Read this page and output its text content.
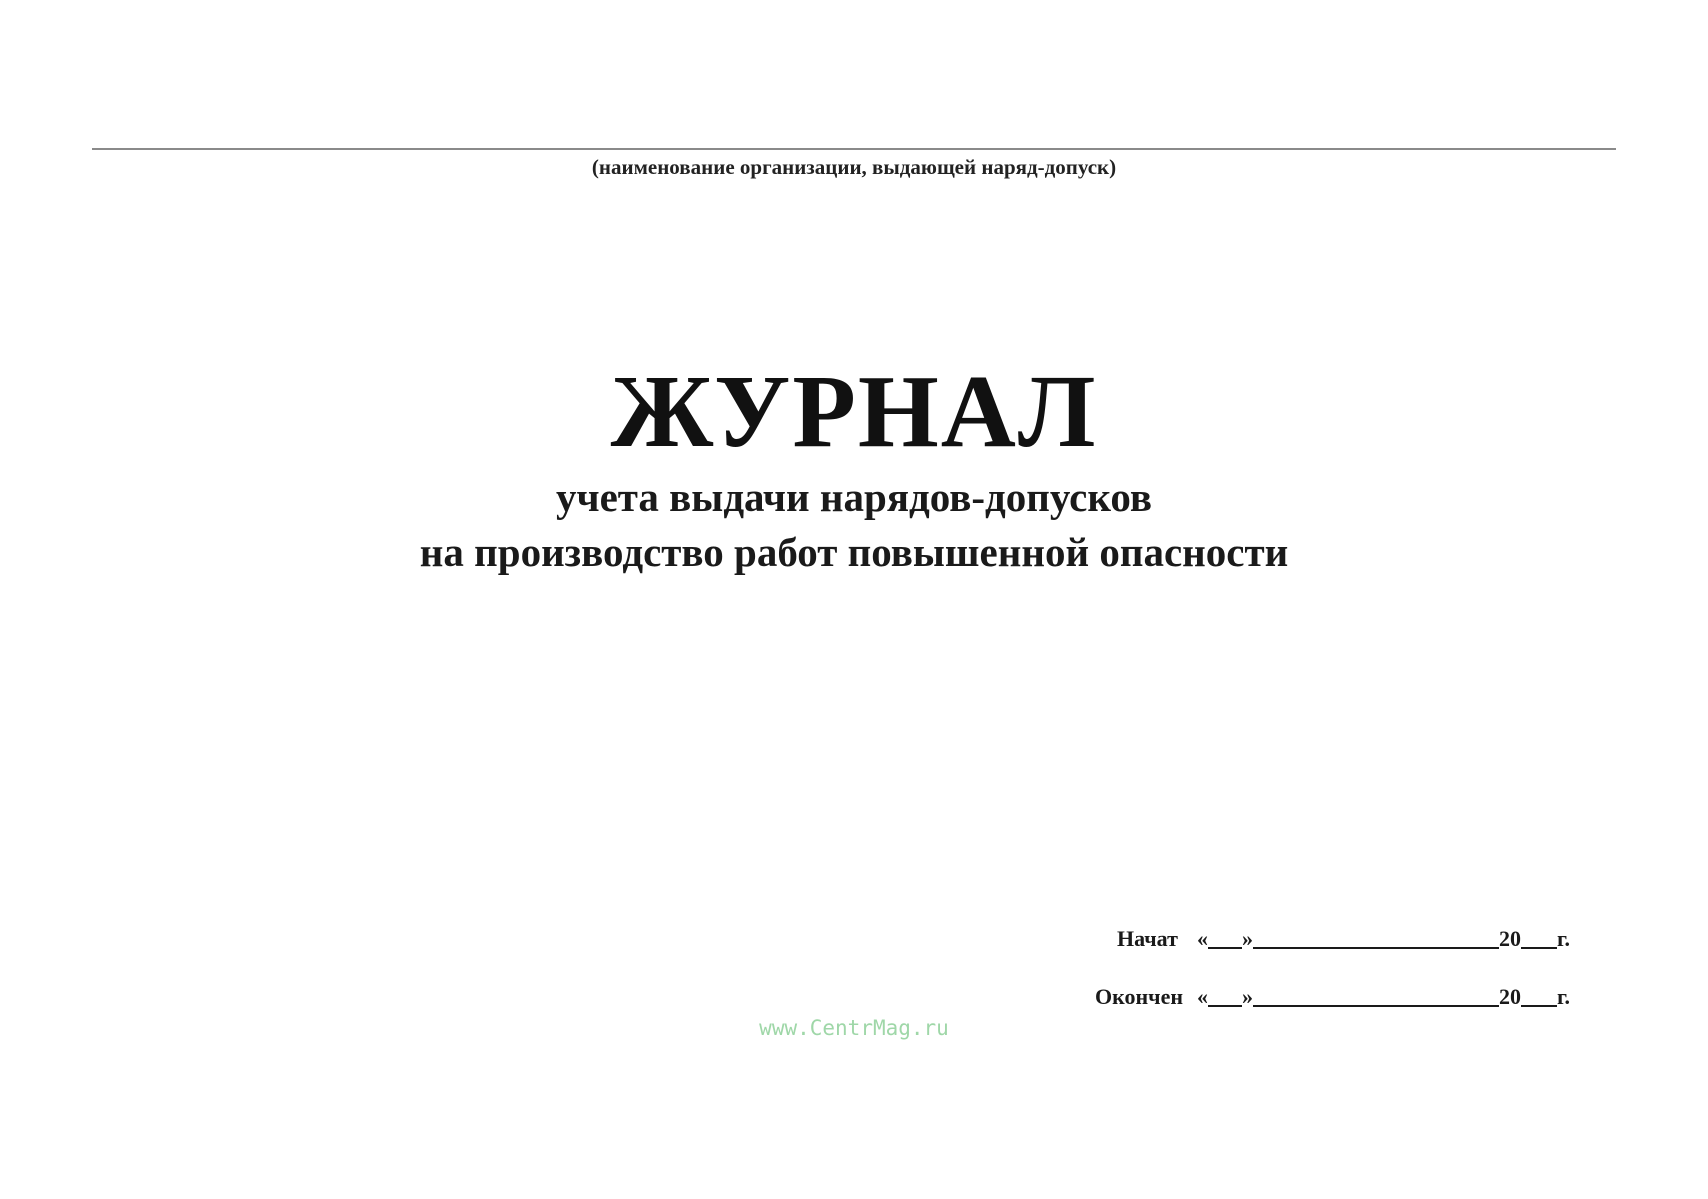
(наименование организации, выдающей наряд-допуск)
ЖУРНАЛ
учета выдачи нарядов-допусков
на производство работ повышенной опасности
Начат « »	20 г.
Окончен « »	20 г.
www.CentrMag.ru
